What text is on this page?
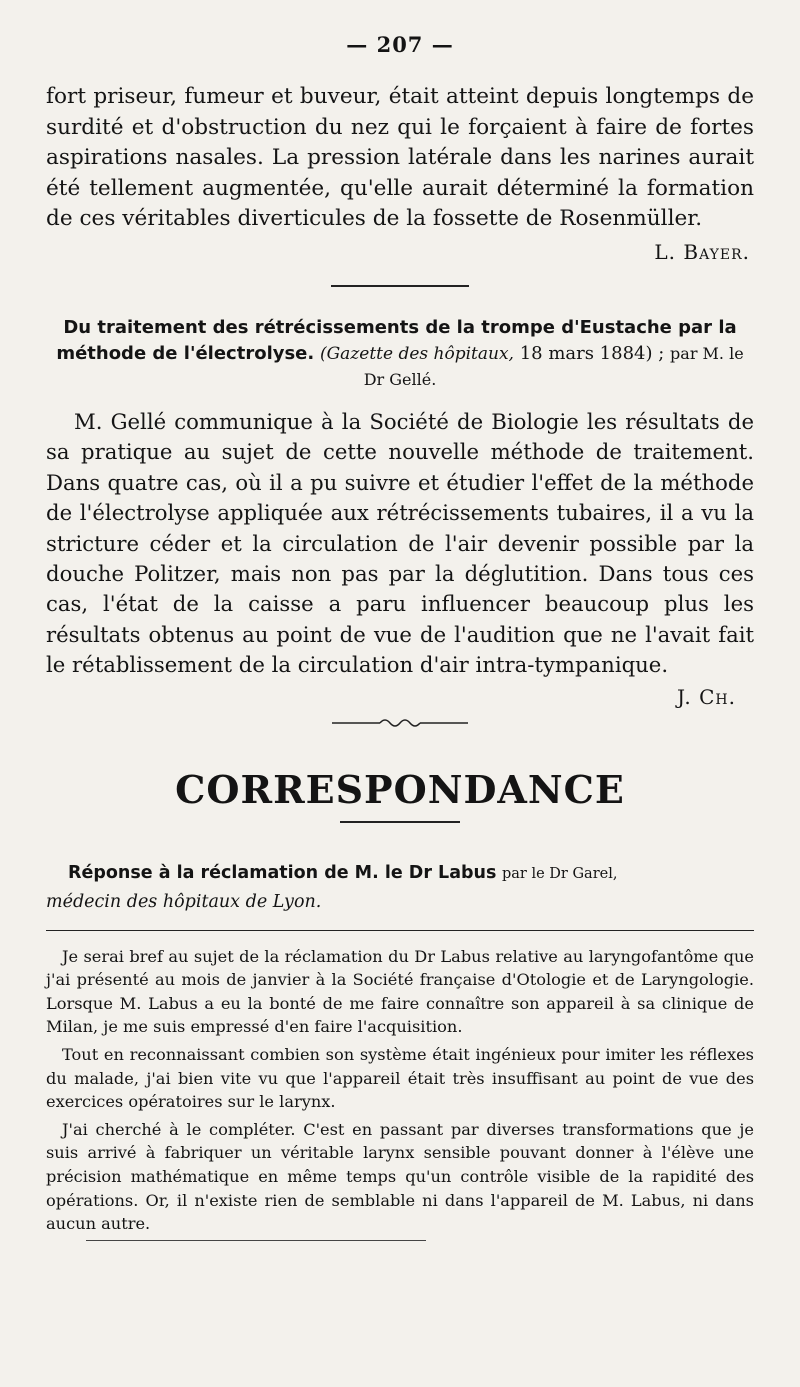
— 207 —

fort priseur, fumeur et buveur, était atteint depuis longtemps de surdité et d'obstruction du nez qui le forçaient à faire de fortes aspirations nasales. La pression latérale dans les narines aurait été tellement augmentée, qu'elle aurait déterminé la formation de ces véritables diverticules de la fossette de Rosenmüller.

L. Bayer.
Du traitement des rétrécissements de la trompe d'Eustache par la méthode de l'électrolyse. (Gazette des hôpitaux, 18 mars 1884) ; par M. le Dr Gellé.

M. Gellé communique à la Société de Biologie les résultats de sa pratique au sujet de cette nouvelle méthode de traitement. Dans quatre cas, où il a pu suivre et étudier l'effet de la méthode de l'électrolyse appliquée aux rétrécissements tubaires, il a vu la stricture céder et la circulation de l'air devenir possible par la douche Politzer, mais non pas par la déglutition. Dans tous ces cas, l'état de la caisse a paru influencer beaucoup plus les résultats obtenus au point de vue de l'audition que ne l'avait fait le rétablissement de la circulation d'air intra-tympanique.

J. Ch.
CORRESPONDANCE
Réponse à la réclamation de M. le Dr Labus par le Dr Garel,
médecin des hôpitaux de Lyon.

Je serai bref au sujet de la réclamation du Dr Labus relative au laryngofantôme que j'ai présenté au mois de janvier à la Société française d'Otologie et de Laryngologie. Lorsque M. Labus a eu la bonté de me faire connaître son appareil à sa clinique de Milan, je me suis empressé d'en faire l'acquisition.

Tout en reconnaissant combien son système était ingénieux pour imiter les réflexes du malade, j'ai bien vite vu que l'appareil était très insuffisant au point de vue des exercices opératoires sur le larynx.

J'ai cherché à le compléter. C'est en passant par diverses transformations que je suis arrivé à fabriquer un véritable larynx sensible pouvant donner à l'élève une précision mathématique en même temps qu'un contrôle visible de la rapidité des opérations. Or, il n'existe rien de semblable ni dans l'appareil de M. Labus, ni dans aucun autre.
